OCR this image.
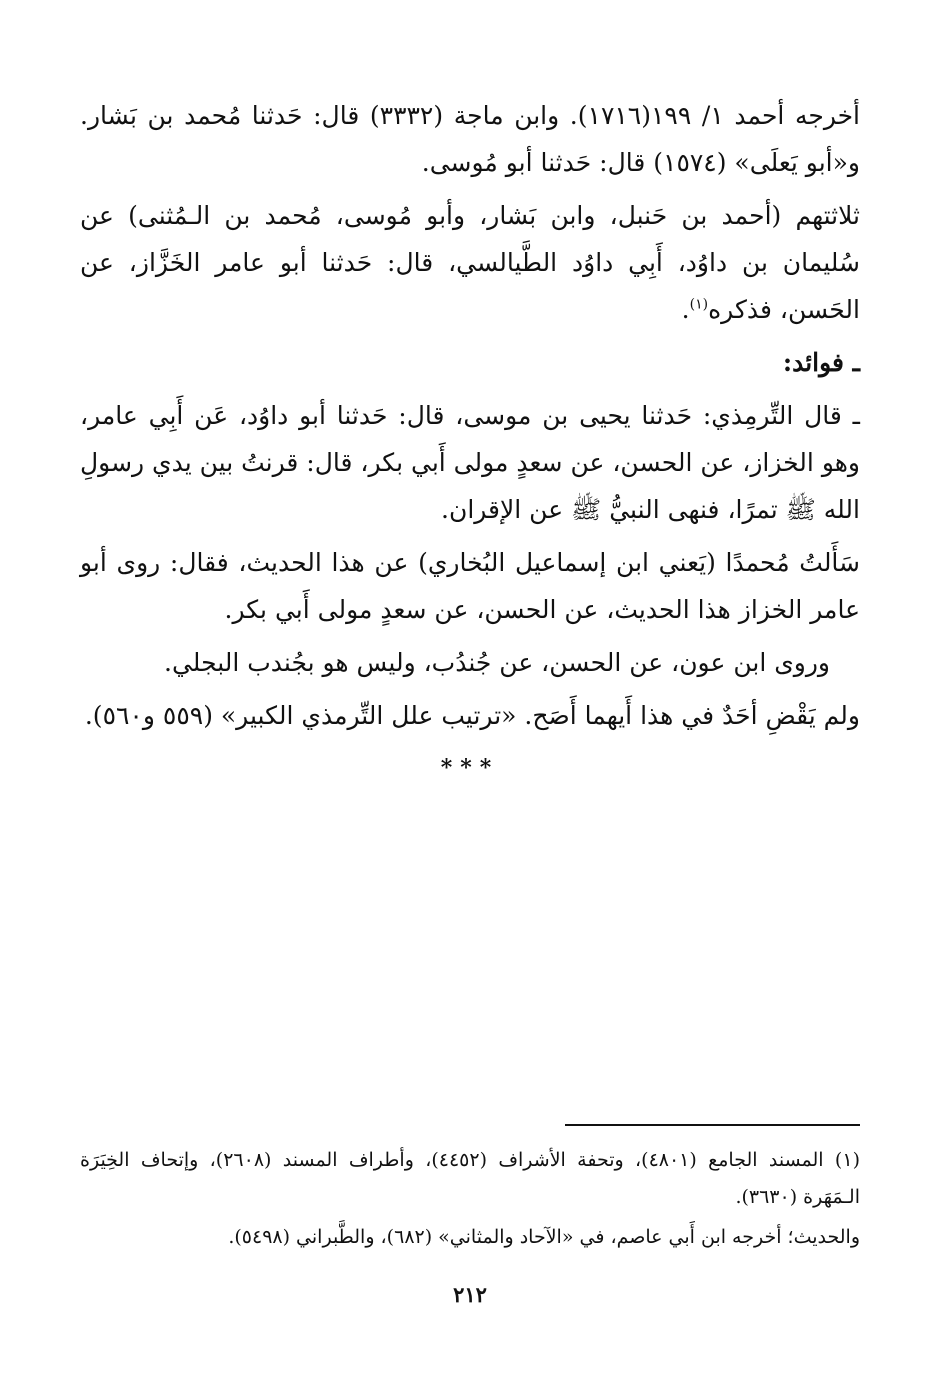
أخرجه أحمد ١/ ١٩٩(١٧١٦). وابن ماجة (٣٣٣٢) قال: حَدثنا مُحمد بن بَشار. و«أبو يَعلَى» (١٥٧٤) قال: حَدثنا أبو مُوسى.

ثلاثتهم (أحمد بن حَنبل، وابن بَشار، وأبو مُوسى، مُحمد بن الـمُثنى) عن سُليمان بن داوُد، أَبِي داوُد الطَّيالسي، قال: حَدثنا أبو عامر الخَزَّاز، عن الحَسن، فذكره$^{(١)}$.

ـ فوائد:

ـ قال التِّرمِذي: حَدثنا يحيى بن موسى، قال: حَدثنا أبو داوُد، عَن أَبِي عامر، وهو الخزاز، عن الحسن، عن سعدٍ مولى أَبي بكر، قال: قرنتُ بين يدي رسولِ الله ﷺ تمرًا، فنهى النبيُّ ﷺ عن الإقران.

سَأَلتُ مُحمدًا (يَعني ابن إسماعيل البُخاري) عن هذا الحديث، فقال: روى أبو عامر الخزاز هذا الحديث، عن الحسن، عن سعدٍ مولى أَبي بكر.

وروى ابن عون، عن الحسن، عن جُندُب، وليس هو بجُندب البجلي.

ولم يَقْضِ أحَدٌ في هذا أَيهما أَصَح. «ترتيب علل التِّرمذي الكبير» (٥٥٩ و٥٦٠).

***

(١) المسند الجامع (٤٨٠١)، وتحفة الأشراف (٤٤٥٢)، وأطراف المسند (٢٦٠٨)، وإتحاف الخِيَرَة الـمَهَرة (٣٦٣٠).

والحديث؛ أخرجه ابن أَبي عاصم، في «الآحاد والمثاني» (٦٨٢)، والطَّبراني (٥٤٩٨).

٢١٢
